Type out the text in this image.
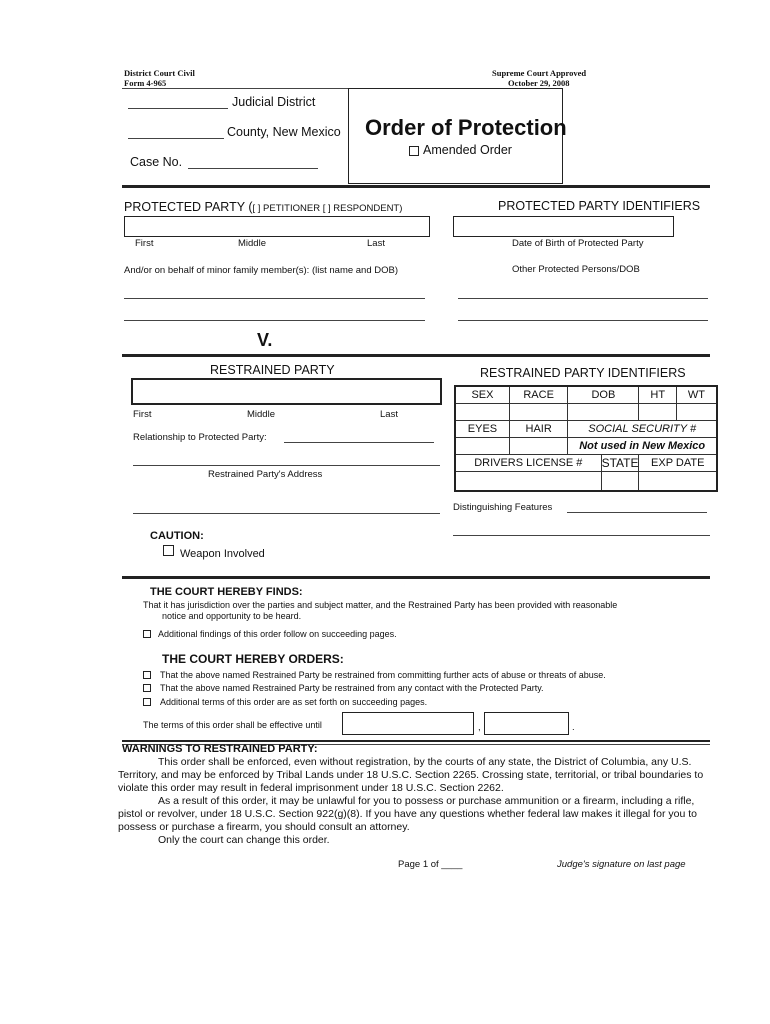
District Court Civil
Form 4-965
Supreme Court Approved
October 29, 2008
Judicial District
County, New Mexico
Case No.
Order of Protection
Amended Order
PROTECTED PARTY ([ ] PETITIONER [ ] RESPONDENT)
First	Middle	Last
PROTECTED PARTY IDENTIFIERS
Date of Birth of Protected Party
And/or on behalf of minor family member(s): (list name and DOB)	Other Protected Persons/DOB
V.
RESTRAINED PARTY
First	Middle	Last
Relationship to Protected Party:
Restrained Party's Address
RESTRAINED PARTY IDENTIFIERS
SEX	RACE	DOB		HT	WT

EYES	HAIR	SOCIAL SECURITY #			
		Not used in New Mexico			
DRIVERS LICENSE #			STATE	EXP DATE	

Distinguishing Features
CAUTION:
Weapon Involved
THE COURT HEREBY FINDS:
That it has jurisdiction over the parties and subject matter, and the Restrained Party has been provided with reasonable
notice and opportunity to be heard.
Additional findings of this order follow on succeeding pages.
THE COURT HEREBY ORDERS:
That the above named Restrained Party be restrained from committing further acts of abuse or threats of abuse.
That the above named Restrained Party be restrained from any contact with the Protected Party.
Additional terms of this order are as set forth on succeeding pages.
The terms of this order shall be effective until	,	.
WARNINGS TO RESTRAINED PARTY:

This order shall be enforced, even without registration, by the courts of any state, the District of Columbia, any U.S. Territory, and may be enforced by Tribal Lands under 18 U.S.C. Section 2265. Crossing state, territorial, or tribal boundaries to violate this order may result in federal imprisonment under 18 U.S.C. Section 2262.

As a result of this order, it may be unlawful for you to possess or purchase ammunition or a firearm, including a rifle, pistol or revolver, under 18 U.S.C. Section 922(g)(8). If you have any questions whether federal law makes it illegal for you to possess or purchase a firearm, you should consult an attorney.

Only the court can change this order.

Page 1 of ____	Judge's signature on last page
